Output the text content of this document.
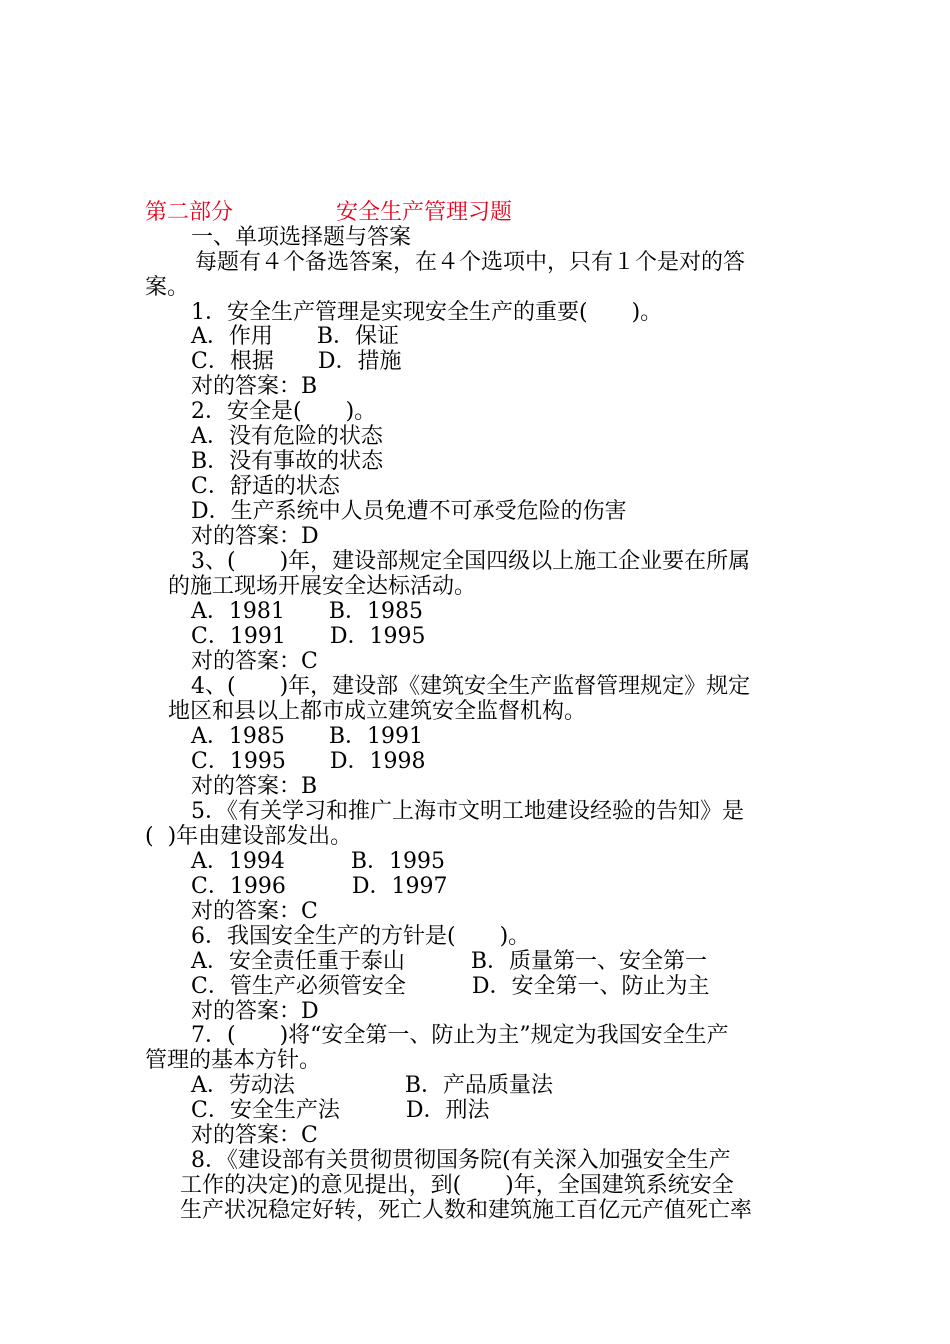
第二部分	安全生产管理习题
一、单项选择题与答案
每题有４个备选答案，在４个选项中，只有１个是对的答
案。
1．安全生产管理是实现安全生产的重要(　　)。
A．作用　　B．保证
C．根据　　D．措施
对的答案：B
2．安全是(　　)。
A．没有危险的状态
B．没有事故的状态
C．舒适的状态
D．生产系统中人员免遭不可承受危险的伤害
对的答案：D
3、(　　)年，建设部规定全国四级以上施工企业要在所属
的施工现场开展安全达标活动。
A．1981　　B．1985
C．1991　　D．1995
对的答案：C
4、(　　)年，建设部《建筑安全生产监督管理规定》规定
地区和县以上都市成立建筑安全监督机构。
A．1985　　B．1991
C．1995　　D．1998
对的答案：B
5．《有关学习和推广上海市文明工地建设经验的告知》是
(  )年由建设部发出。
A．1994　　　B．1995
C．1996　　　D．1997
对的答案：C
6．我国安全生产的方针是(　　)。
A．安全责任重于泰山　　　B．质量第一、安全第一
C．管生产必须管安全　　　D．安全第一、防止为主
对的答案：D
7．(　　)将“安全第一、防止为主”规定为我国安全生产
管理的基本方针。
A．劳动法　　　　　B．产品质量法
C．安全生产法　　　D．刑法
对的答案：C
8．《建设部有关贯彻贯彻国务院(有关深入加强安全生产
工作的决定)的意见提出，到(　　)年，全国建筑系统安全
生产状况稳定好转，死亡人数和建筑施工百亿元产值死亡率
